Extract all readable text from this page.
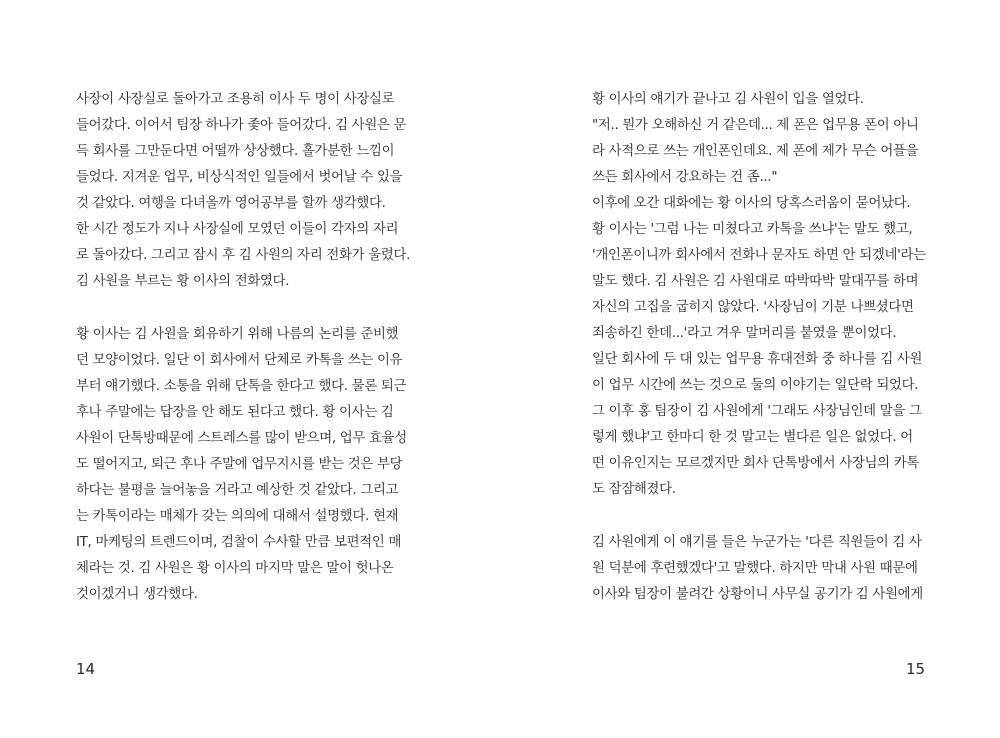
사장이 사장실로 돌아가고 조용히 이사 두 명이 사장실로
들어갔다. 이어서 팀장 하나가 좇아 들어갔다. 김 사원은 문
득 회사를 그만둔다면 어떨까 상상했다. 홀가분한 느낌이
들었다. 지겨운 업무, 비상식적인 일들에서 벗어날 수 있을
것 같았다. 여행을 다녀올까 영어공부를 할까 생각했다.
한 시간 정도가 지나 사장실에 모였던 이들이 각자의 자리
로 돌아갔다. 그리고 잠시 후 김 사원의 자리 전화가 울렸다.
김 사원을 부르는 황 이사의 전화였다.
황 이사는 김 사원을 회유하기 위해 나름의 논리를 준비했
던 모양이었다. 일단 이 회사에서 단체로 카톡을 쓰는 이유
부터 얘기했다. 소통을 위해 단톡을 한다고 했다. 물론 퇴근
후나 주말에는 답장을 안 해도 된다고 했다. 황 이사는 김
사원이 단톡방때문에 스트레스를 많이 받으며, 업무 효율성
도 떨어지고, 퇴근 후나 주말에 업무지시를 받는 것은 부당
하다는 불평을 늘어놓을 거라고 예상한 것 같았다. 그리고
는 카톡이라는 매체가 갖는 의의에 대해서 설명했다. 현재
IT, 마케팅의 트렌드이며, 검찰이 수사할 만큼 보편적인 매
체라는 것. 김 사원은 황 이사의 마지막 말은 말이 헛나온
것이겠거니 생각했다.
14
황 이사의 얘기가 끝나고 김 사원이 입을 열었다.
"저.. 뭔가 오해하신 거 같은데... 제 폰은 업무용 폰이 아니
라 사적으로 쓰는 개인폰인데요. 제 폰에 제가 무슨 어플을
쓰든 회사에서 강요하는 건 좀..."
이후에 오간 대화에는 황 이사의 당혹스러움이 묻어났다.
황 이사는 '그럼 나는 미쳤다고 카톡을 쓰냐'는 말도 했고,
'개인폰이니까 회사에서 전화나 문자도 하면 안 되겠네'라는
말도 했다. 김 사원은 김 사원대로 따박따박 말대꾸를 하며
자신의 고집을 굽히지 않았다. '사장님이 기분 나쁘셨다면
죄송하긴 한데...'라고 겨우 말머리를 붙였을 뿐이었다.
일단 회사에 두 대 있는 업무용 휴대전화 중 하나를 김 사원
이 업무 시간에 쓰는 것으로 둘의 이야기는 일단락 되었다.
그 이후 홍 팀장이 김 사원에게 '그래도 사장님인데 말을 그
렇게 했냐'고 한마디 한 것 말고는 별다른 일은 없었다. 어
떤 이유인지는 모르겠지만 회사 단톡방에서 사장님의 카톡
도 잠잠해졌다.
김 사원에게 이 얘기를 들은 누군가는 '다른 직원들이 김 사
원 덕분에 후련했겠다'고 말했다. 하지만 막내 사원 때문에
이사와 팀장이 불려간 상황이니 사무실 공기가 김 사원에게
15
